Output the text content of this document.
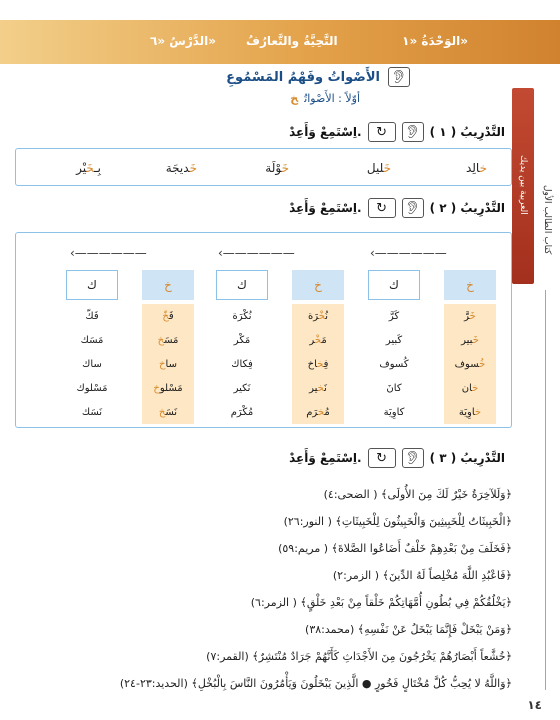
الوَحْدَةُ «١»
التَّحِيَّةُ والتَّعارُفُ
الدَّرْسُ «٦»
العربية بين يديك
كتاب الطالب الأول
👂︎
الأَصْواتُ وفَهْمُ المَسْمُوعِ
أوّلاً : الأَصْواتُخ
التَّدْرِيبُ ( ١ )
👂︎
↻
اِسْتَمِعْ وَأَعِدْ.
خالِد
خَليل
خَوْلَة
خَديجَة
بِـخَيْر
التَّدْرِيبُ ( ٢ )
👂︎
↻
اِسْتَمِعْ وَأَعِدْ.
‹——————
‹——————
‹——————
خ
ك
خ
ك
خ
ك
خَرَّ
خَبير
خُسوف
خان
خاوِيَة
كَرَّ
كَبير
كُسوف
كانَ
كاوِيَة
نُخْرَة
مَخْر
فِخاخ
نَخير
مُخرَم
نُكْرَة
مَكْر
فِكاك
نَكير
مُكْرَم
فَخّ
مَسَخ
ساخ
مَسْلوخ
نَسَخ
فَكّ
مَسَك
ساك
مَسْلوك
نَسَك
التَّدْرِيبُ ( ٣ )
👂︎
↻
اِسْتَمِعْ وَأَعِدْ.
﴿وَلَلآخِرَةُ خَيْرٌ لَكَ مِنَ الأُولَى﴾ ( الضحى:٤)
﴿الْخَبِيثَاتُ لِلْخَبِيثِينَ وَالْخَبِيثُونَ لِلْخَبِيثَاتِ﴾ ( النور:٢٦)
﴿فَخَلَفَ مِنْ بَعْدِهِمْ خَلْفٌ أَضَاعُوا الصَّلاةَ﴾ ( مريم:٥٩)
﴿فَاعْبُدِ اللَّهَ مُخْلِصاً لَهُ الدِّينَ﴾ ( الزمر:٢)
﴿يَخْلُقُكُمْ فِي بُطُونِ أُمَّهَاتِكُمْ خَلْقاً مِنْ بَعْدِ خَلْقٍ﴾ ( الزمر:٦)
﴿وَمَنْ يَبْخَلْ فَإِنَّمَا يَبْخَلُ عَنْ نَفْسِهِ﴾ (محمد:٣٨)
﴿خُشَّعاً أَبْصَارُهُمْ يَخْرُجُونَ مِنَ الأَجْدَاثِ كَأَنَّهُمْ جَرَادٌ مُنْتَشِرٌ﴾ (القمر:٧)
﴿وَاللَّهُ لا يُحِبُّ كُلَّ مُخْتَالٍ فَخُورٍ ● الَّذِينَ يَبْخَلُونَ وَيَأْمُرُونَ النَّاسَ بِالْبُخْلِ﴾ (الحديد:٢٣-٢٤)
١٤
